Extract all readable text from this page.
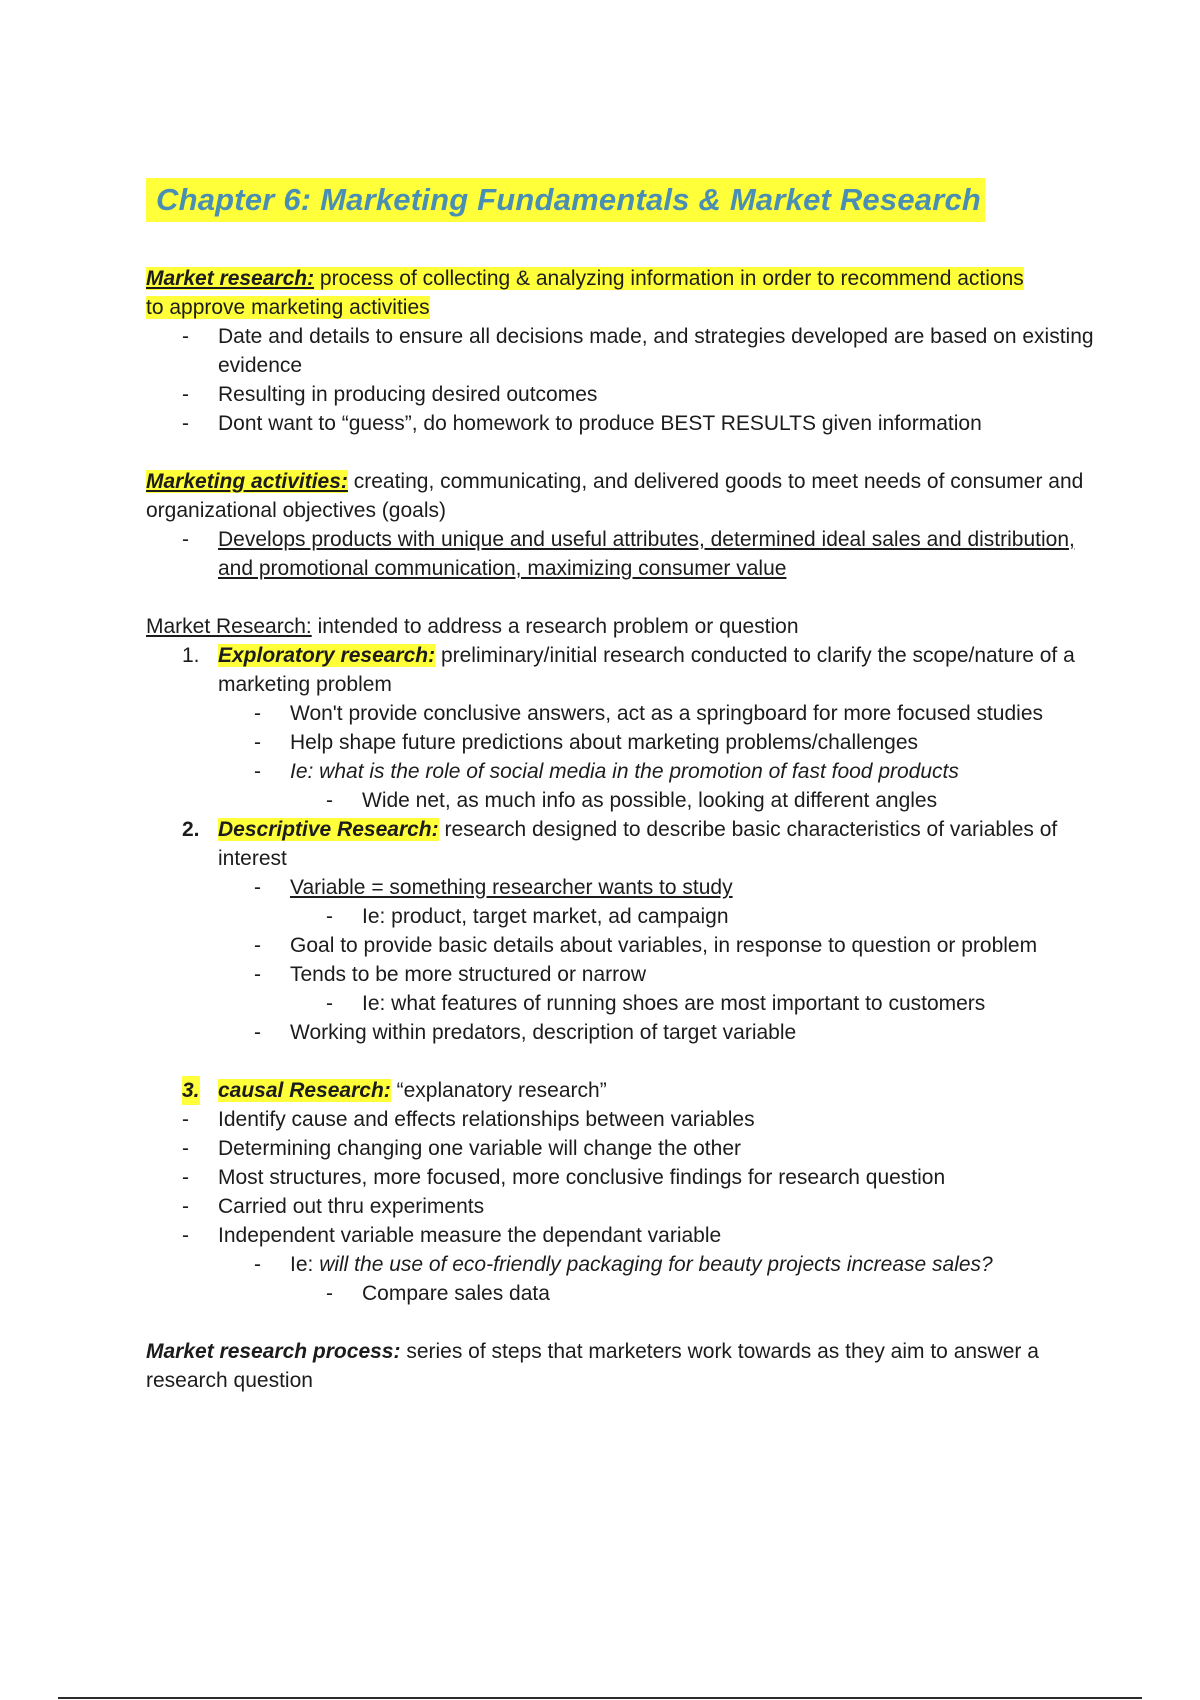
Chapter 6: Marketing Fundamentals & Market Research

Market research: process of collecting & analyzing information in order to recommend actions
to approve marketing activities

- Date and details to ensure all decisions made, and strategies developed are based on existing evidence
- Resulting in producing desired outcomes
- Dont want to “guess”, do homework to produce BEST RESULTS given information

Marketing activities: creating, communicating, and delivered goods to meet needs of consumer and organizational objectives (goals)

- Develops products with unique and useful attributes, determined ideal sales and distribution, and promotional communication, maximizing consumer value

Market Research: intended to address a research problem or question

1. Exploratory research: preliminary/initial research conducted to clarify the scope/nature of a marketing problem
- Won't provide conclusive answers, act as a springboard for more focused studies
- Help shape future predictions about marketing problems/challenges
- Ie: what is the role of social media in the promotion of fast food products
- Wide net, as much info as possible, looking at different angles
2. Descriptive Research: research designed to describe basic characteristics of variables of interest
- Variable = something researcher wants to study
- Ie: product, target market, ad campaign
- Goal to provide basic details about variables, in response to question or problem
- Tends to be more structured or narrow
- Ie: what features of running shoes are most important to customers
- Working within predators, description of target variable

3. causal Research: “explanatory research”

- Identify cause and effects relationships between variables
- Determining changing one variable will change the other
- Most structures, more focused, more conclusive findings for research question
- Carried out thru experiments
- Independent variable measure the dependant variable
- Ie: will the use of eco-friendly packaging for beauty projects increase sales?
- Compare sales data

Market research process: series of steps that marketers work towards as they aim to answer a research question
